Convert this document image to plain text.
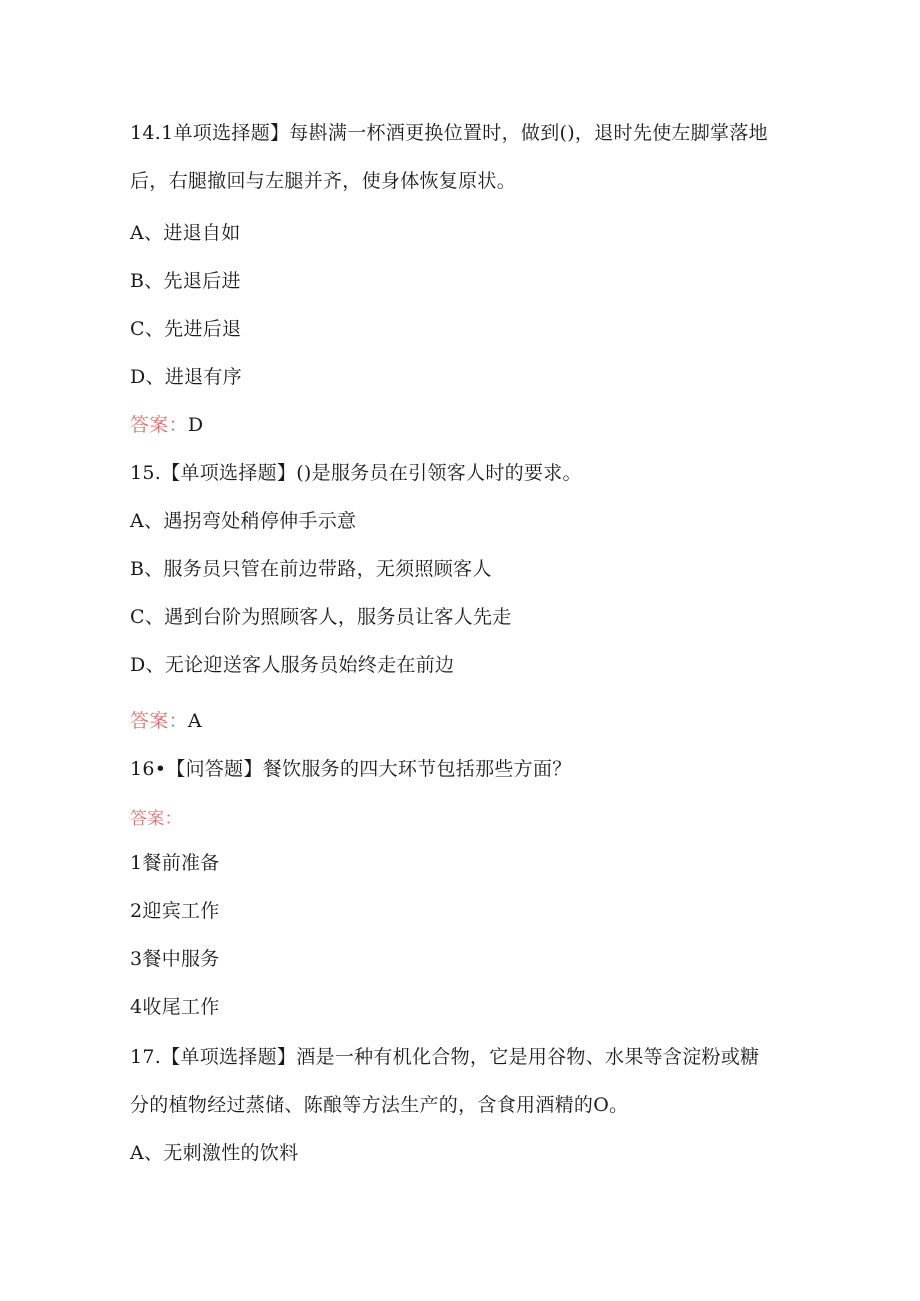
14.1单项选择题】每斟满一杯酒更换位置时，做到()，退时先使左脚掌落地
后，右腿撤回与左腿并齐，使身体恢复原状。
A、进退自如
B、先退后进
C、先进后退
D、进退有序
答案：D
15.【单项选择题】()是服务员在引领客人时的要求。
A、遇拐弯处稍停伸手示意
B、服务员只管在前边带路，无须照顾客人
C、遇到台阶为照顾客人，服务员让客人先走
D、无论迎送客人服务员始终走在前边
答案：A
16•【问答题】餐饮服务的四大环节包括那些方面？
答案：
1餐前准备
2迎宾工作
3餐中服务
4收尾工作
17.【单项选择题】酒是一种有机化合物，它是用谷物、水果等含淀粉或糖
分的植物经过蒸储、陈酿等方法生产的，含食用酒精的O。
A、无刺激性的饮料
